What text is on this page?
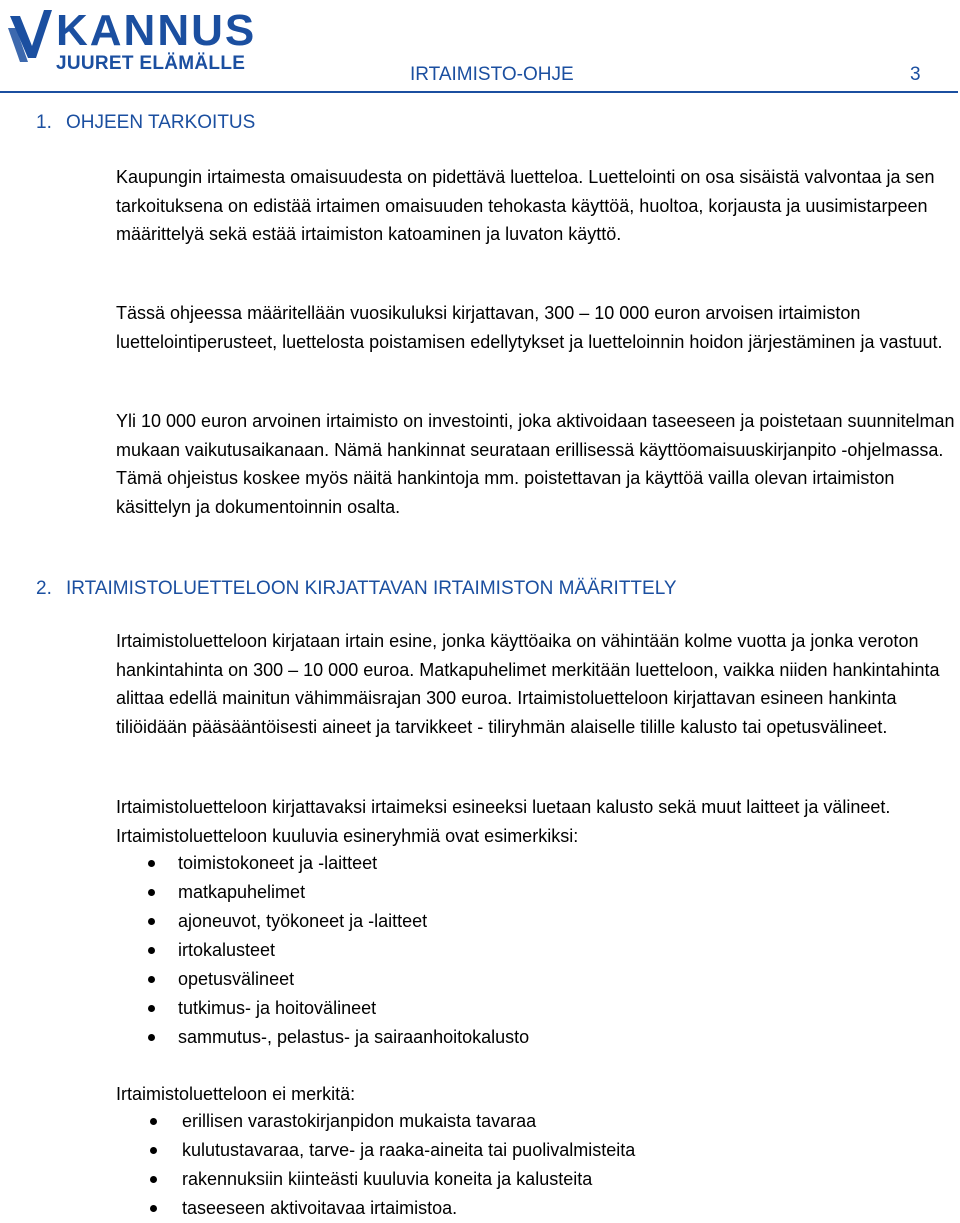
KANNUS
JUURET ELÄMÄLLE
IRTAIMISTO-OHJE	3
1. OHJEEN TARKOITUS

Kaupungin irtaimesta omaisuudesta on pidettävä luetteloa. Luettelointi on osa sisäistä valvontaa ja sen tarkoituksena on edistää irtaimen omaisuuden tehokasta käyttöä, huoltoa, korjausta ja uusimistarpeen määrittelyä sekä estää irtaimiston katoaminen ja luvaton käyttö.

Tässä ohjeessa määritellään vuosikuluksi kirjattavan, 300 – 10 000 euron arvoisen irtaimiston luettelointiperusteet, luettelosta poistamisen edellytykset ja luetteloinnin hoidon järjestäminen ja vastuut.

Yli 10 000 euron arvoinen irtaimisto on investointi, joka aktivoidaan taseeseen ja poistetaan suunnitelman mukaan vaikutusaikanaan. Nämä hankinnat seurataan erillisessä käyttöomaisuuskirjanpito -ohjelmassa. Tämä ohjeistus koskee myös näitä hankintoja mm. poistettavan ja käyttöä vailla olevan irtaimiston käsittelyn ja dokumentoinnin osalta.

2. IRTAIMISTOLUETTELOON KIRJATTAVAN IRTAIMISTON MÄÄRITTELY

Irtaimistoluetteloon kirjataan irtain esine, jonka käyttöaika on vähintään kolme vuotta ja jonka veroton hankintahinta on 300 – 10 000 euroa. Matkapuhelimet merkitään luetteloon, vaikka niiden hankintahinta alittaa edellä mainitun vähimmäisrajan 300 euroa. Irtaimistoluetteloon kirjattavan esineen hankinta tiliöidään pääsääntöisesti aineet ja tarvikkeet - tiliryhmän alaiselle tilille kalusto tai opetusvälineet.

Irtaimistoluetteloon kirjattavaksi irtaimeksi esineeksi luetaan kalusto sekä muut laitteet ja välineet. Irtaimistoluetteloon kuuluvia esineryhmiä ovat esimerkiksi:

toimistokoneet ja -laitteet
matkapuhelimet
ajoneuvot, työkoneet ja -laitteet
irtokalusteet
opetusvälineet
tutkimus- ja hoitovälineet
sammutus-, pelastus- ja sairaanhoitokalusto

Irtaimistoluetteloon ei merkitä:

erillisen varastokirjanpidon mukaista tavaraa
kulutustavaraa, tarve- ja raaka-aineita tai puolivalmisteita
rakennuksiin kiinteästi kuuluvia koneita ja kalusteita
taseeseen aktivoitavaa irtaimistoa.
